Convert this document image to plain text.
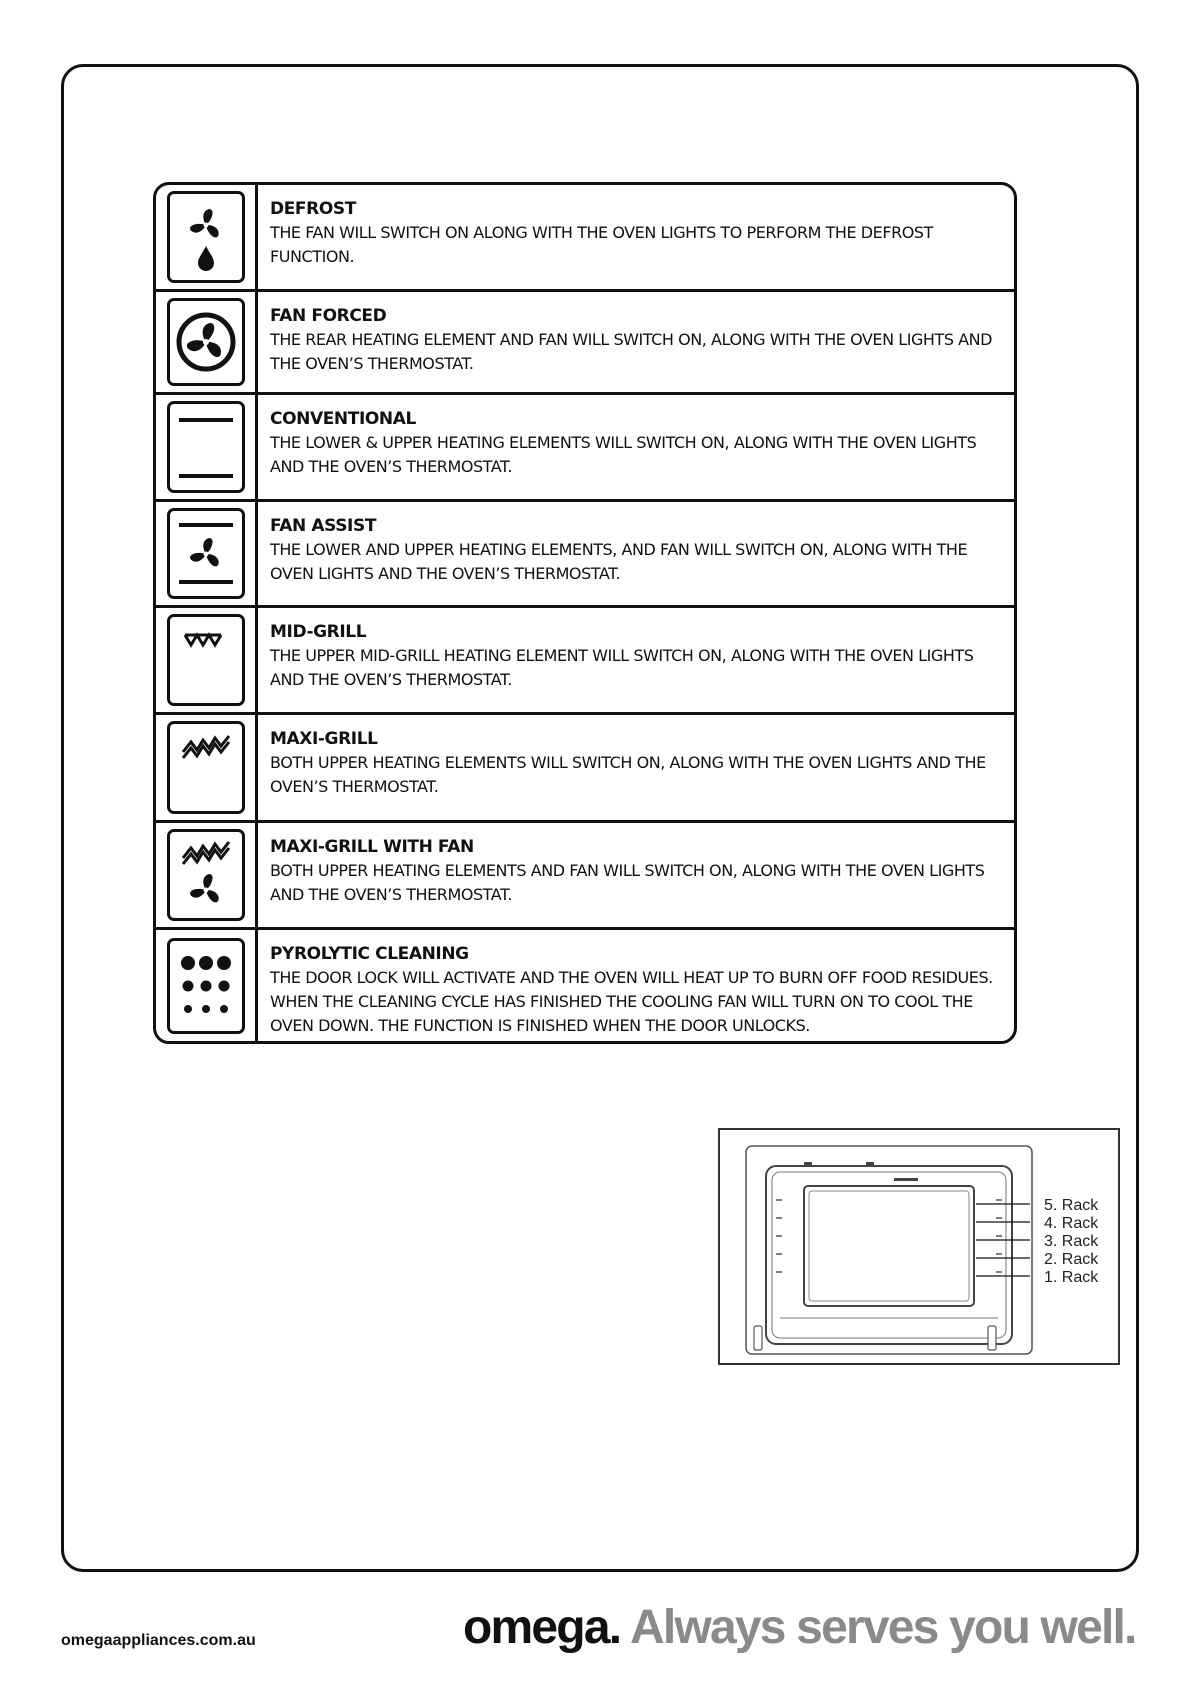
DEFROST

THE FAN WILL SWITCH ON ALONG WITH THE OVEN LIGHTS TO PERFORM THE DEFROST FUNCTION.

FAN FORCED

THE REAR HEATING ELEMENT AND FAN WILL SWITCH ON, ALONG WITH THE OVEN LIGHTS AND THE OVEN’S THERMOSTAT.

CONVENTIONAL

THE LOWER & UPPER HEATING ELEMENTS WILL SWITCH ON, ALONG WITH THE OVEN LIGHTS AND THE OVEN’S THERMOSTAT.

FAN ASSIST

THE LOWER AND UPPER HEATING ELEMENTS, AND FAN WILL SWITCH ON, ALONG WITH THE OVEN LIGHTS AND THE OVEN’S THERMOSTAT.

MID-GRILL

THE UPPER MID-GRILL HEATING ELEMENT WILL SWITCH ON, ALONG WITH THE OVEN LIGHTS AND THE OVEN’S THERMOSTAT.

MAXI-GRILL

BOTH UPPER HEATING ELEMENTS WILL SWITCH ON, ALONG WITH THE OVEN LIGHTS AND THE OVEN’S THERMOSTAT.

MAXI-GRILL WITH FAN

BOTH UPPER HEATING ELEMENTS AND FAN WILL SWITCH ON, ALONG WITH THE OVEN LIGHTS AND THE OVEN’S THERMOSTAT.

PYROLYTIC CLEANING

THE DOOR LOCK WILL ACTIVATE AND THE OVEN WILL HEAT UP TO BURN OFF FOOD RESIDUES. WHEN THE CLEANING CYCLE HAS FINISHED THE COOLING FAN WILL TURN ON TO COOL THE OVEN DOWN. THE FUNCTION IS FINISHED WHEN THE DOOR UNLOCKS.

5. Rack
4. Rack
3. Rack
2. Rack
1. Rack
omegaappliances.com.au	omega. Always serves you well.
